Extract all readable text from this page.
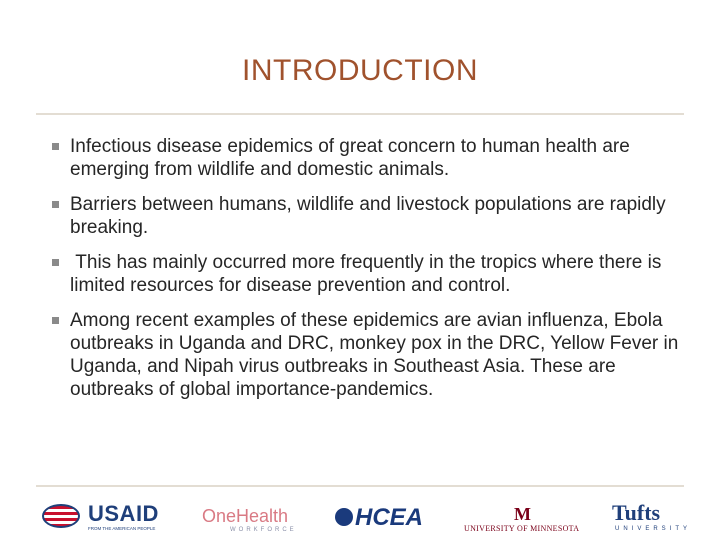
INTRODUCTION
Infectious disease epidemics of great concern to human health are emerging from wildlife and domestic animals.
Barriers between humans, wildlife and livestock populations are rapidly breaking.
This has mainly occurred more frequently in the tropics where there is limited resources for disease prevention and control.
Among recent examples of these epidemics are avian influenza, Ebola outbreaks in Uganda and DRC, monkey pox in the DRC, Yellow Fever in Uganda, and Nipah virus outbreaks in Southeast Asia. These are outbreaks of global importance-pandemics.
USAID
FROM THE AMERICAN PEOPLE
OneHealth
WORKFORCE HCEA	M
UNIVERSITY OF MINNESOTA
Tufts
UNIVERSITY
